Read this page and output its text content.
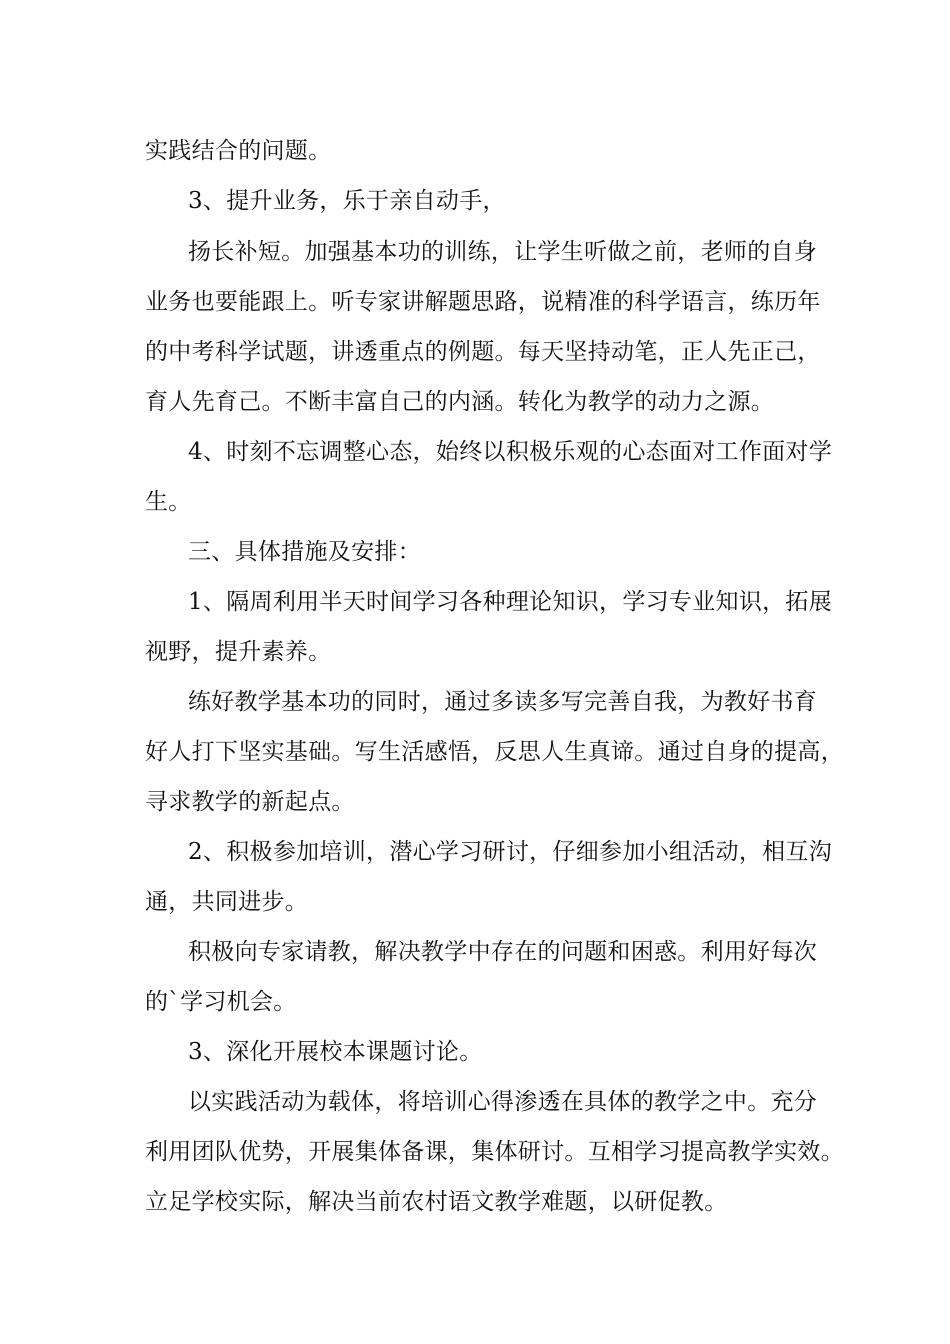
实践结合的问题。
3、提升业务，乐于亲自动手，
扬长补短。加强基本功的训练，让学生听做之前，老师的自身
业务也要能跟上。听专家讲解题思路，说精准的科学语言，练历年
的中考科学试题，讲透重点的例题。每天坚持动笔，正人先正己，
育人先育己。不断丰富自己的内涵。转化为教学的动力之源。
4、时刻不忘调整心态，始终以积极乐观的心态面对工作面对学
生。
三、具体措施及安排：
1、隔周利用半天时间学习各种理论知识，学习专业知识，拓展
视野，提升素养。
练好教学基本功的同时，通过多读多写完善自我，为教好书育
好人打下坚实基础。写生活感悟，反思人生真谛。通过自身的提高，
寻求教学的新起点。
2、积极参加培训，潜心学习研讨，仔细参加小组活动，相互沟
通，共同进步。
积极向专家请教，解决教学中存在的问题和困惑。利用好每次
的`学习机会。
3、深化开展校本课题讨论。
以实践活动为载体，将培训心得渗透在具体的教学之中。充分
利用团队优势，开展集体备课，集体研讨。互相学习提高教学实效。
立足学校实际，解决当前农村语文教学难题，以研促教。
